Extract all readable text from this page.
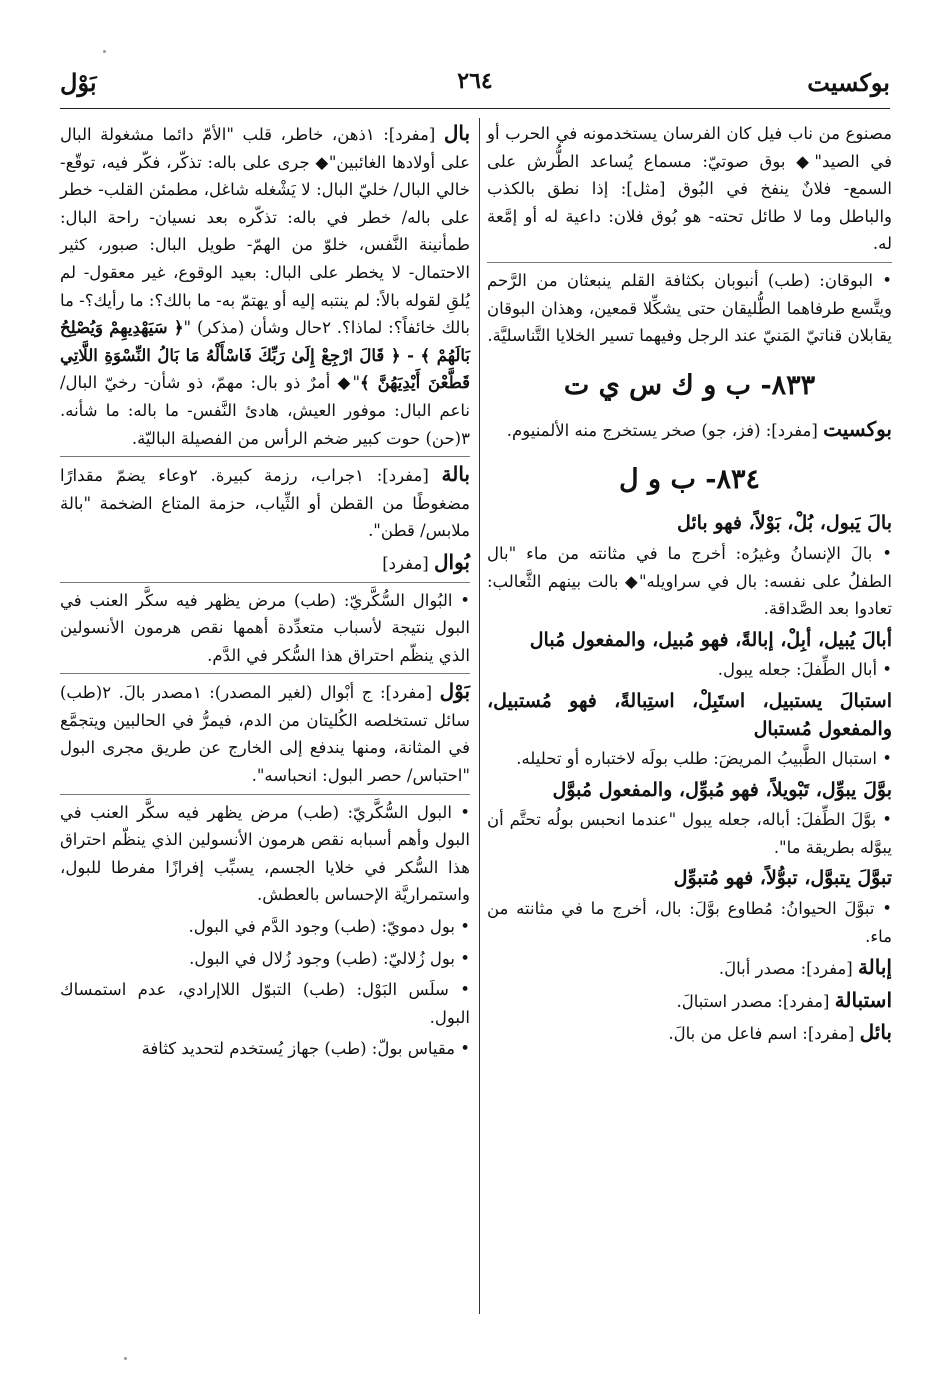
بوكسيت
٢٦٤
بَوْل

مصنوع من ناب فيل كان الفرسان يستخدمونه في الحرب أو في الصيد"◆ بوق صوتيّ: مسماع يُساعد الطُّرش على السمع- فلانٌ ينفخ في البُوق [مثل]: إذا نطق بالكذب والباطل وما لا طائل تحته- هو بُوق فلان: داعية له أو إمَّعة له.

• البوقان: (طب) أنبوبان بكثافة القلم ينبعثان من الرَّحم ويتَّسع طرفاهما الطُّليقان حتى يشكِّلا قمعين، وهذان البوقان يقابلان قناتيّ المَنيّ عند الرجل وفيهما تسير الخلايا التَّناسليَّة.

٨٣٣- ب و ك س ي ت

بوكسيت [مفرد]: (فز، جو) صخر يستخرج منه الألمنيوم.

٨٣٤- ب و ل
بالَ يَبول، بُلْ، بَوْلاً، فهو بائل

• بالَ الإنسانُ وغيرُه: أخرج ما في مثانته من ماء "بال الطفلُ على نفسه: بال في سراويله"◆ بالت بينهم الثَّعالب: تعادوا بعد الصَّداقة.

أبالَ يُبيل، أبِلْ، إبالةً، فهو مُبيل، والمفعول مُبال

• أبال الطِّفلَ: جعله يبول.

استبالَ يستبيل، استَبِلْ، استِبالةً، فهو مُستبيل، والمفعول مُستبال

• استبال الطَّبيبُ المريضَ: طلب بولَه لاختباره أو تحليله.

بوَّلَ يبوِّل، تَبْويلاً، فهو مُبوِّل، والمفعول مُبوَّل

• بوَّلَ الطِّفلَ: أباله، جعله يبول "عندما انحبس بولُه تحتَّم أن يبوَّله بطريقة ما".

تبوَّلَ يتبوَّل، تبوُّلاً، فهو مُتبوِّل

• تبوَّلَ الحيوانُ: مُطاوع بوَّلَ: بال، أخرج ما في مثانته من ماء.

إبالة [مفرد]: مصدر أبالَ.

استبالة [مفرد]: مصدر استبالَ.

بائل [مفرد]: اسم فاعل من بالَ.

بال [مفرد]: ١ذهن، خاطر، قلب "الأمّ دائما مشغولة البال على أولادها الغائبين"◆ جرى على باله: تذكّر، فكّر فيه، توقّع- خالي البال/ خليّ البال: لا يَشْغله شاغل، مطمئن القلب- خطر على باله/ خطر في باله: تذكّره بعد نسيان- راحة البال: طمأنينة النَّفس، خلوّ من الهمّ- طويل البال: صبور، كثير الاحتمال- لا يخطر على البال: بعيد الوقوع، غير معقول- لم يُلقِ لقوله بالاً: لم ينتبه إليه أو يهتمّ به- ما بالك؟: ما رأيك؟- ما بالك خائفاً؟: لماذا؟. ٢حال وشأن (مذكر) "﴿ سَيَهْدِيهِمْ وَيُصْلِحُ بَالَهُمْ ﴾ - ﴿ قَالَ ارْجِعْ إِلَىٰ رَبِّكَ فَاسْأَلْهُ مَا بَالُ النِّسْوَةِ اللَّاتِي قَطَّعْنَ أَيْدِيَهُنَّ ﴾"◆ أمرٌ ذو بال: مهمّ، ذو شأن- رخيّ البال/ ناعم البال: موفور العيش، هادئ النَّفس- ما باله: ما شأنه. ٣(حن) حوت كبير ضخم الرأس من الفصيلة الباليّة.

بالة [مفرد]: ١جراب، رزمة كبيرة. ٢وعاء يضمّ مقدارًا مضغوطًا من القطن أو الثِّياب، حزمة المتاع الضخمة "بالة ملابس/ قطن".

بُوال [مفرد]

• البُوال السُّكَّريّ: (طب) مرض يظهر فيه سكَّر العنب في البول نتيجة لأسباب متعدِّدة أهمها نقص هرمون الأنسولين الذي ينظّم احتراق هذا السُّكر في الدَّم.

بَوْل [مفرد]: ج أبْوال (لغير المصدر): ١مصدر بالَ. ٢(طب) سائل تستخلصه الكُليتان من الدم، فيمرُّ في الحالبين ويتجمَّع في المثانة، ومنها يندفع إلى الخارج عن طريق مجرى البول "احتباس/ حصر البول: انحباسه".

• البول السُّكَّريّ: (طب) مرض يظهر فيه سكَّر العنب في البول وأهم أسبابه نقص هرمون الأنسولين الذي ينظّم احتراق هذا السُّكر في خلايا الجسم، يسبِّب إفرازًا مفرطا للبول، واستمراريَّة الإحساس بالعطش.

• بول دمويّ: (طب) وجود الدَّم في البول.

• بول زُلاليّ: (طب) وجود زُلال في البول.

• سلَس البَوْل: (طب) التبوّل اللاإرادي، عدم استمساك البول.

• مقياس بولّ: (طب) جهاز يُستخدم لتحديد كثافة
